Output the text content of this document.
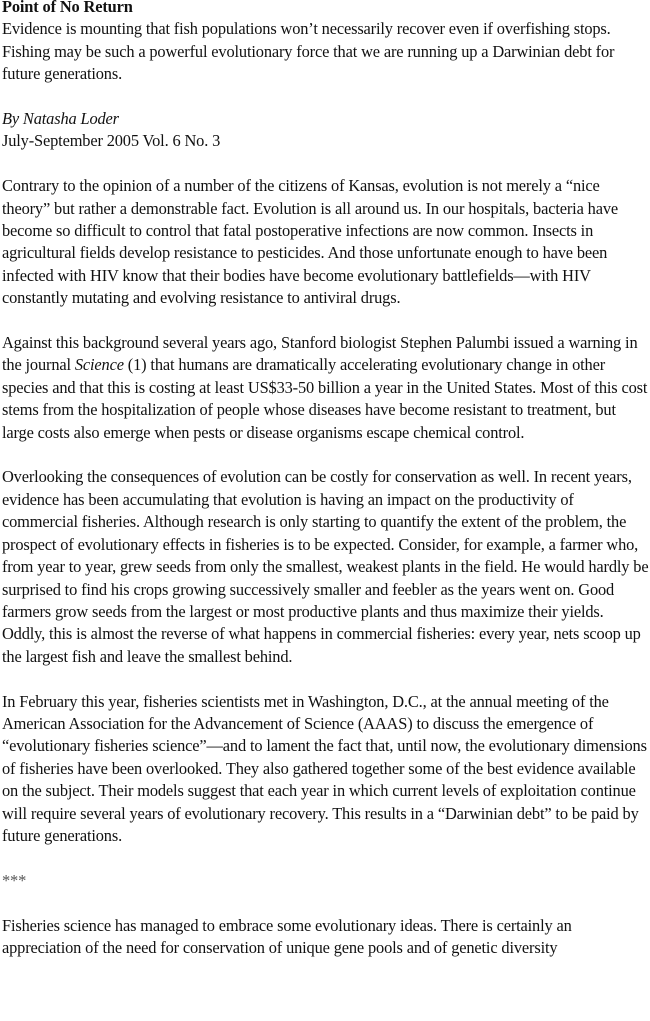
Point of No Return

Evidence is mounting that fish populations won’t necessarily recover even if overfishing stops. Fishing may be such a powerful evolutionary force that we are running up a Darwinian debt for future generations.

By Natasha Loder
July-September 2005 Vol. 6 No. 3

Contrary to the opinion of a number of the citizens of Kansas, evolution is not merely a “nice theory” but rather a demonstrable fact. Evolution is all around us. In our hospitals, bacteria have become so difficult to control that fatal postoperative infections are now common. Insects in agricultural fields develop resistance to pesticides. And those unfortunate enough to have been infected with HIV know that their bodies have become evolutionary battlefields—with HIV constantly mutating and evolving resistance to antiviral drugs.

Against this background several years ago, Stanford biologist Stephen Palumbi issued a warning in the journal Science (1) that humans are dramatically accelerating evolutionary change in other species and that this is costing at least US$33-50 billion a year in the United States. Most of this cost stems from the hospitalization of people whose diseases have become resistant to treatment, but large costs also emerge when pests or disease organisms escape chemical control.

Overlooking the consequences of evolution can be costly for conservation as well. In recent years, evidence has been accumulating that evolution is having an impact on the productivity of commercial fisheries. Although research is only starting to quantify the extent of the problem, the prospect of evolutionary effects in fisheries is to be expected. Consider, for example, a farmer who, from year to year, grew seeds from only the smallest, weakest plants in the field. He would hardly be surprised to find his crops growing successively smaller and feebler as the years went on. Good farmers grow seeds from the largest or most productive plants and thus maximize their yields. Oddly, this is almost the reverse of what happens in commercial fisheries: every year, nets scoop up the largest fish and leave the smallest behind.

In February this year, fisheries scientists met in Washington, D.C., at the annual meeting of the American Association for the Advancement of Science (AAAS) to discuss the emergence of “evolutionary fisheries science”—and to lament the fact that, until now, the evolutionary dimensions of fisheries have been overlooked. They also gathered together some of the best evidence available on the subject. Their models suggest that each year in which current levels of exploitation continue will require several years of evolutionary recovery. This results in a “Darwinian debt” to be paid by future generations.

***

Fisheries science has managed to embrace some evolutionary ideas. There is certainly an appreciation of the need for conservation of unique gene pools and of genetic diversity
